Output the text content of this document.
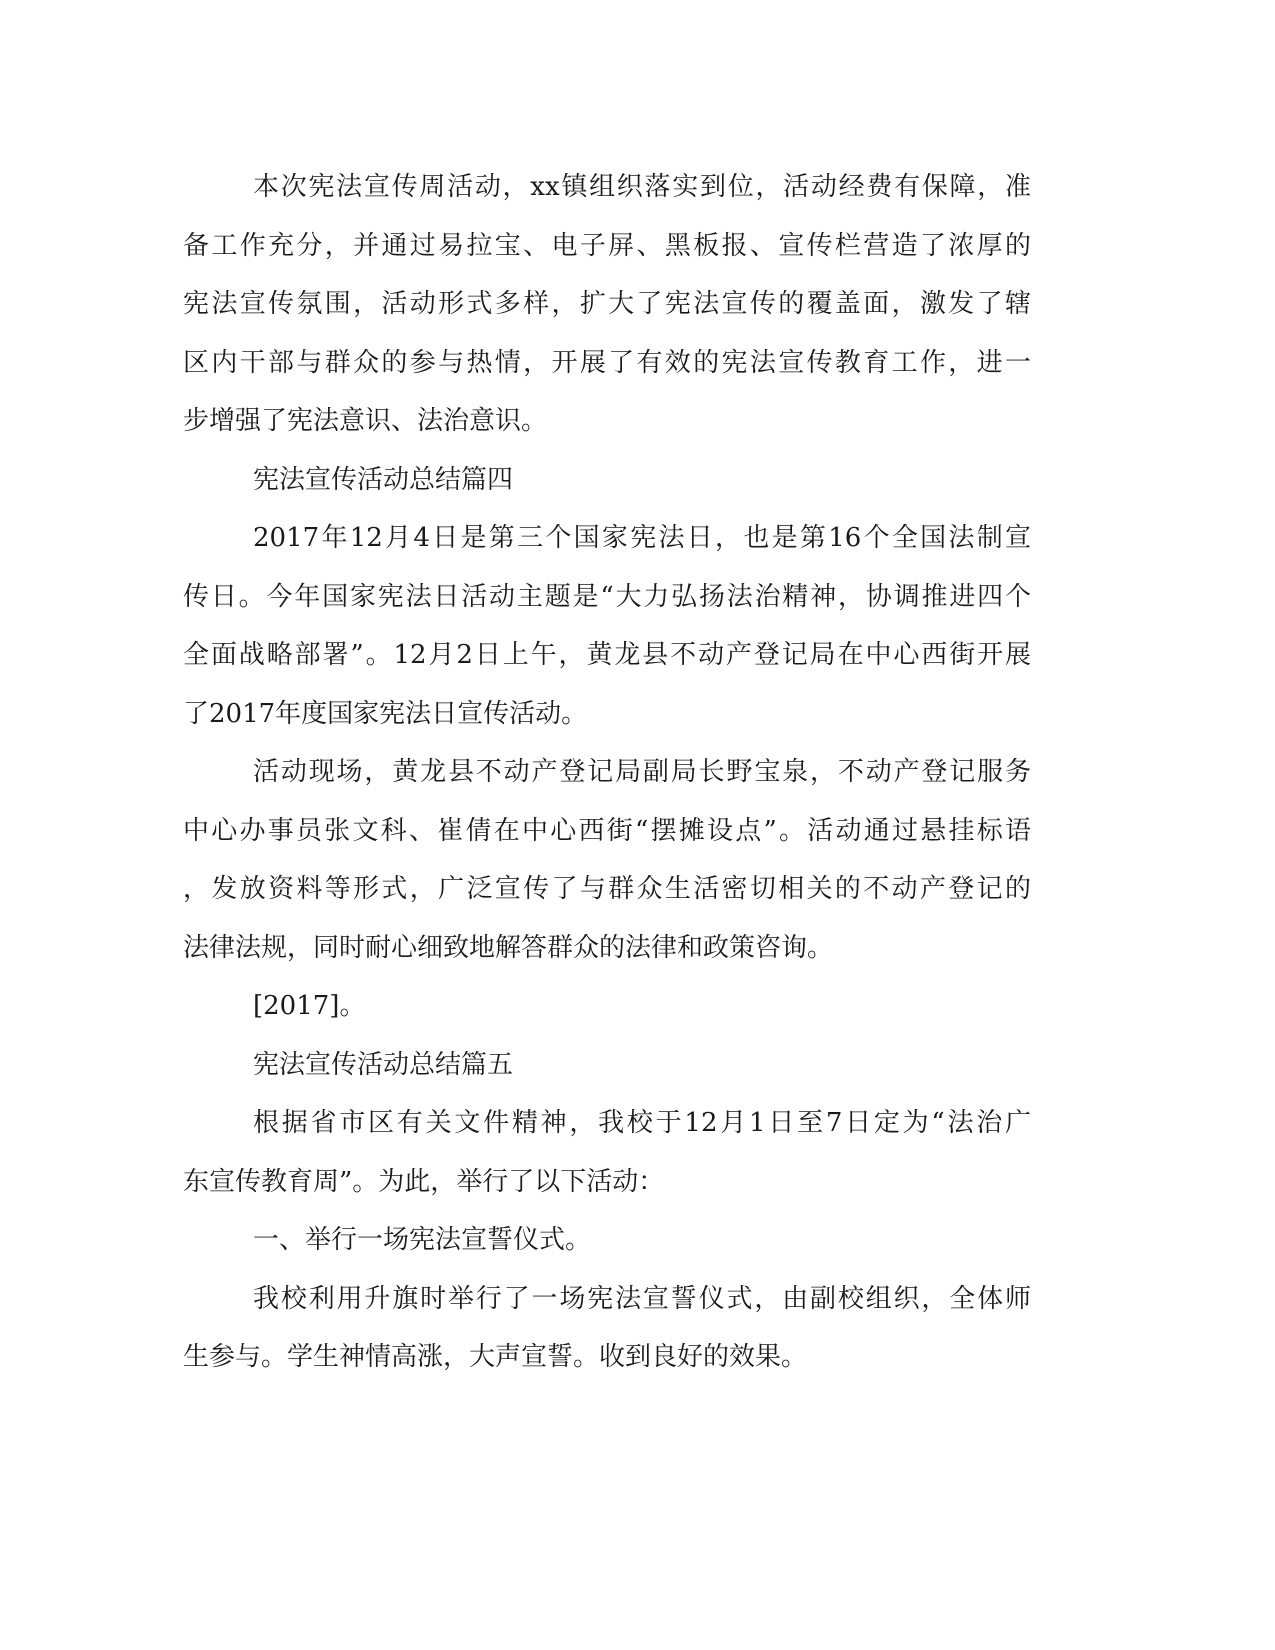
本次宪法宣传周活动，xx镇组织落实到位，活动经费有保障，准
备工作充分，并通过易拉宝、电子屏、黑板报、宣传栏营造了浓厚的
宪法宣传氛围，活动形式多样，扩大了宪法宣传的覆盖面，激发了辖
区内干部与群众的参与热情，开展了有效的宪法宣传教育工作，进一
步增强了宪法意识、法治意识。
宪法宣传活动总结篇四
2017年12月4日是第三个国家宪法日，也是第16个全国法制宣
传日。今年国家宪法日活动主题是“大力弘扬法治精神，协调推进四个
全面战略部署”。12月2日上午，黄龙县不动产登记局在中心西街开展
了2017年度国家宪法日宣传活动。
活动现场，黄龙县不动产登记局副局长野宝泉，不动产登记服务
中心办事员张文科、崔倩在中心西街“摆摊设点”。活动通过悬挂标语
，发放资料等形式，广泛宣传了与群众生活密切相关的不动产登记的
法律法规，同时耐心细致地解答群众的法律和政策咨询。
[2017]。
宪法宣传活动总结篇五
根据省市区有关文件精神，我校于12月1日至7日定为“法治广
东宣传教育周”。为此，举行了以下活动：
一、举行一场宪法宣誓仪式。
我校利用升旗时举行了一场宪法宣誓仪式，由副校组织，全体师
生参与。学生神情高涨，大声宣誓。收到良好的效果。
